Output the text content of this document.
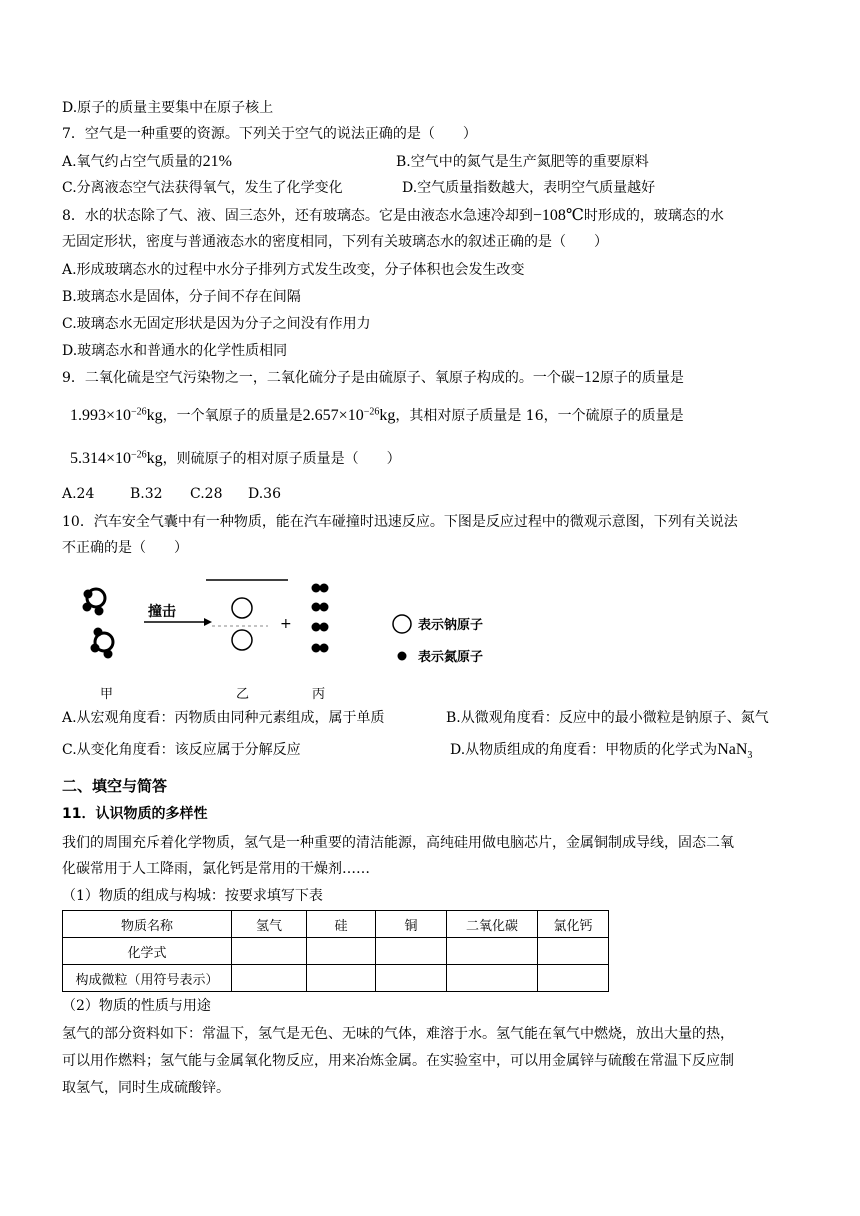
D.原子的质量主要集中在原子核上
7．空气是一种重要的资源。下列关于空气的说法正确的是（　　）
A.氧气约占空气质量的21%	B.空气中的氮气是生产氮肥等的重要原料
C.分离液态空气法获得氧气，发生了化学变化	D.空气质量指数越大，表明空气质量越好
8．水的状态除了气、液、固三态外，还有玻璃态。它是由液态水急速冷却到−108℃时形成的，玻璃态的水
无固定形状，密度与普通液态水的密度相同，下列有关玻璃态水的叙述正确的是（　　）
A.形成玻璃态水的过程中水分子排列方式发生改变，分子体积也会发生改变
B.玻璃态水是固体，分子间不存在间隔
C.玻璃态水无固定形状是因为分子之间没有作用力
D.玻璃态水和普通水的化学性质相同
9．二氧化硫是空气污染物之一，二氧化硫分子是由硫原子、氧原子构成的。一个碳−12原子的质量是
$1.993\times 10^{-26}kg$，一个氧原子的质量是$2.657\times 10^{-26}kg$，其相对原子质量是 16，一个硫原子的质量是
$5.314\times 10^{-26}kg$，则硫原子的相对原子质量是（　　）
A.24	B.32 C.28 D.36
10．汽车安全气囊中有一种物质，能在汽车碰撞时迅速反应。下图是反应过程中的微观示意图，下列有关说法
不正确的是（　　）
撞击
+	表示钠原子
表示氮原子
甲	乙	丙
A.从宏观角度看：丙物质由同种元素组成，属于单质	B.从微观角度看：反应中的最小微粒是钠原子、氮气
C.从变化角度看：该反应属于分解反应	D.从物质组成的角度看：甲物质的化学式为NaN$_3$
二、填空与简答
11．认识物质的多样性
我们的周围充斥着化学物质，氢气是一种重要的清洁能源，高纯硅用做电脑芯片，金属铜制成导线，固态二氧
化碳常用于人工降雨，氯化钙是常用的干燥剂……
（1）物质的组成与构城：按要求填写下表
物质名称	氢气	硅	铜	二氧化碳	氯化钙
化学式					
构成微粒（用符号表示）					
（2）物质的性质与用途
氢气的部分资料如下：常温下，氢气是无色、无味的气体，难溶于水。氢气能在氧气中燃烧，放出大量的热，
可以用作燃料；氢气能与金属氧化物反应，用来冶炼金属。在实验室中，可以用金属锌与硫酸在常温下反应制
取氢气，同时生成硫酸锌。
